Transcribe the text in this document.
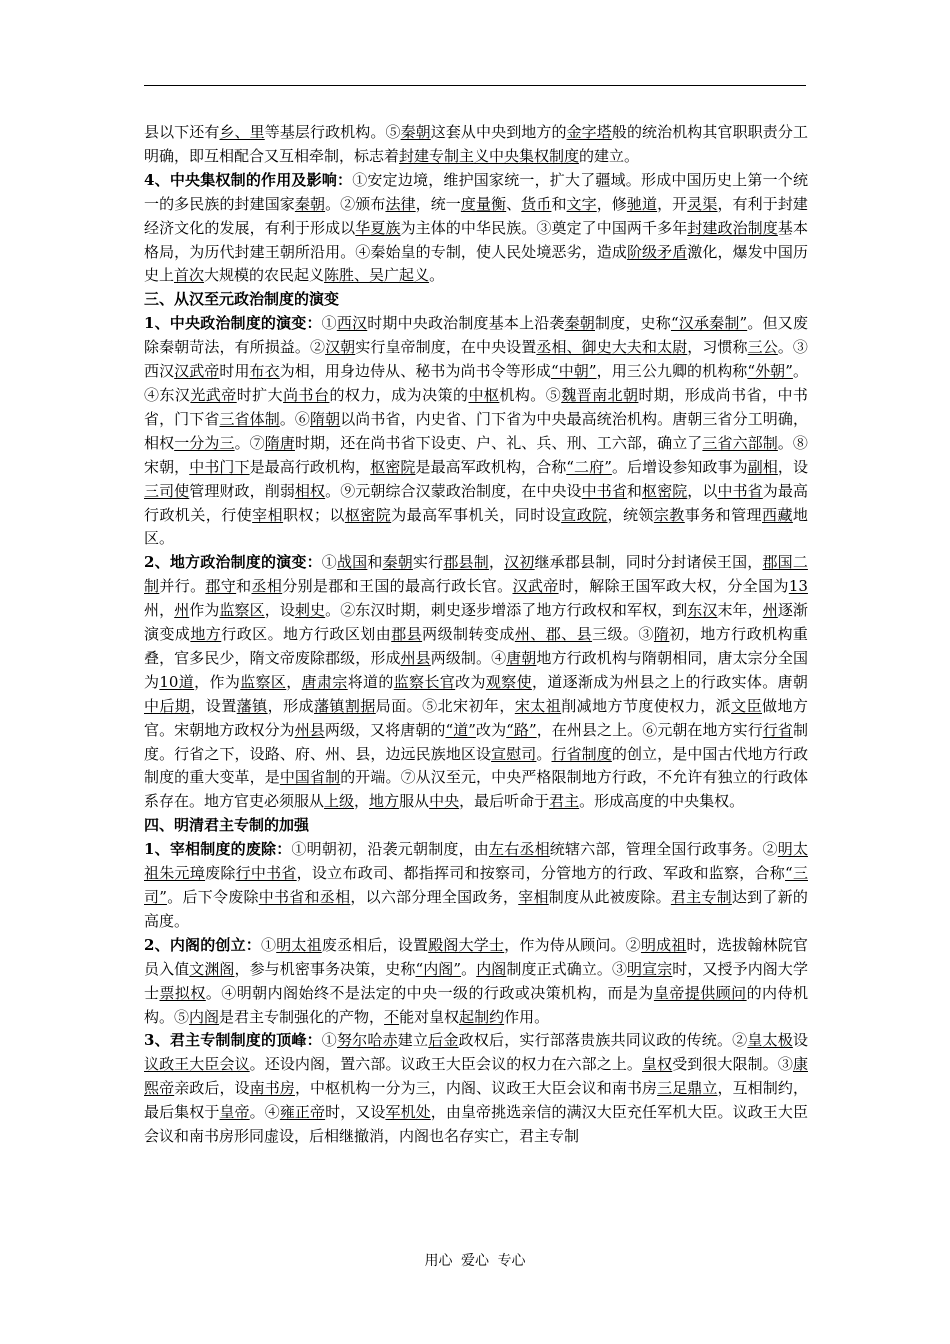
县以下还有乡、里等基层行政机构。⑤秦朝这套从中央到地方的金字塔般的统治机构其官职职责分工明确，即互相配合又互相牵制，标志着封建专制主义中央集权制度的建立。

4、中央集权制的作用及影响：①安定边境，维护国家统一，扩大了疆域。形成中国历史上第一个统一的多民族的封建国家秦朝。②颁布法律，统一度量衡、货币和文字，修驰道，开灵渠，有利于封建经济文化的发展，有利于形成以华夏族为主体的中华民族。③奠定了中国两千多年封建政治制度基本格局，为历代封建王朝所沿用。④秦始皇的专制，使人民处境恶劣，造成阶级矛盾激化，爆发中国历史上首次大规模的农民起义陈胜、吴广起义。

三、从汉至元政治制度的演变

1、中央政治制度的演变：①西汉时期中央政治制度基本上沿袭秦朝制度，史称“汉承秦制”。但又废除秦朝苛法，有所损益。②汉朝实行皇帝制度，在中央设置丞相、御史大夫和太尉，习惯称三公。③西汉汉武帝时用布衣为相，用身边侍从、秘书为尚书令等形成“中朝”，用三公九卿的机构称“外朝”。④东汉光武帝时扩大尚书台的权力，成为决策的中枢机构。⑤魏晋南北朝时期，形成尚书省，中书省，门下省三省体制。⑥隋朝以尚书省，内史省、门下省为中央最高统治机构。唐朝三省分工明确，相权一分为三。⑦隋唐时期，还在尚书省下设吏、户、礼、兵、刑、工六部，确立了三省六部制。⑧宋朝，中书门下是最高行政机构，枢密院是最高军政机构，合称“二府”。后增设参知政事为副相，设三司使管理财政，削弱相权。⑨元朝综合汉蒙政治制度，在中央设中书省和枢密院，以中书省为最高行政机关，行使宰相职权；以枢密院为最高军事机关，同时设宣政院，统领宗教事务和管理西藏地区。

2、地方政治制度的演变：①战国和秦朝实行郡县制，汉初继承郡县制，同时分封诸侯王国，郡国二制并行。郡守和丞相分别是郡和王国的最高行政长官。汉武帝时，解除王国军政大权，分全国为13州，州作为监察区，设刺史。②东汉时期，刺史逐步增添了地方行政权和军权，到东汉末年，州逐渐演变成地方行政区。地方行政区划由郡县两级制转变成州、郡、县三级。③隋初，地方行政机构重叠，官多民少，隋文帝废除郡级，形成州县两级制。④唐朝地方行政机构与隋朝相同，唐太宗分全国为10道，作为监察区，唐肃宗将道的监察长官改为观察使，道逐渐成为州县之上的行政实体。唐朝中后期，设置藩镇，形成藩镇割据局面。⑤北宋初年，宋太祖削减地方节度使权力，派文臣做地方官。宋朝地方政权分为州县两级，又将唐朝的“道”改为“路”，在州县之上。⑥元朝在地方实行行省制度。行省之下，设路、府、州、县，边远民族地区设宣慰司。行省制度的创立，是中国古代地方行政制度的重大变革，是中国省制的开端。⑦从汉至元，中央严格限制地方行政，不允许有独立的行政体系存在。地方官吏必须服从上级，地方服从中央，最后听命于君主。形成高度的中央集权。

四、明清君主专制的加强

1、宰相制度的废除：①明朝初，沿袭元朝制度，由左右丞相统辖六部，管理全国行政事务。②明太祖朱元璋废除行中书省，设立布政司、都指挥司和按察司，分管地方的行政、军政和监察，合称“三司”。后下令废除中书省和丞相，以六部分理全国政务，宰相制度从此被废除。君主专制达到了新的高度。

2、内阁的创立：①明太祖废丞相后，设置殿阁大学士，作为侍从顾问。②明成祖时，选拔翰林院官员入值文渊阁，参与机密事务决策，史称“内阁”。内阁制度正式确立。③明宣宗时，又授予内阁大学士票拟权。④明朝内阁始终不是法定的中央一级的行政或决策机构，而是为皇帝提供顾问的内侍机构。⑤内阁是君主专制强化的产物，不能对皇权起制约作用。

3、君主专制制度的顶峰：①努尔哈赤建立后金政权后，实行部落贵族共同议政的传统。②皇太极设议政王大臣会议。还设内阁，置六部。议政王大臣会议的权力在六部之上。皇权受到很大限制。③康熙帝亲政后，设南书房，中枢机构一分为三，内阁、议政王大臣会议和南书房三足鼎立，互相制约，最后集权于皇帝。④雍正帝时，又设军机处，由皇帝挑选亲信的满汉大臣充任军机大臣。议政王大臣会议和南书房形同虚设，后相继撤消，内阁也名存实亡，君主专制

用心 爱心 专心
